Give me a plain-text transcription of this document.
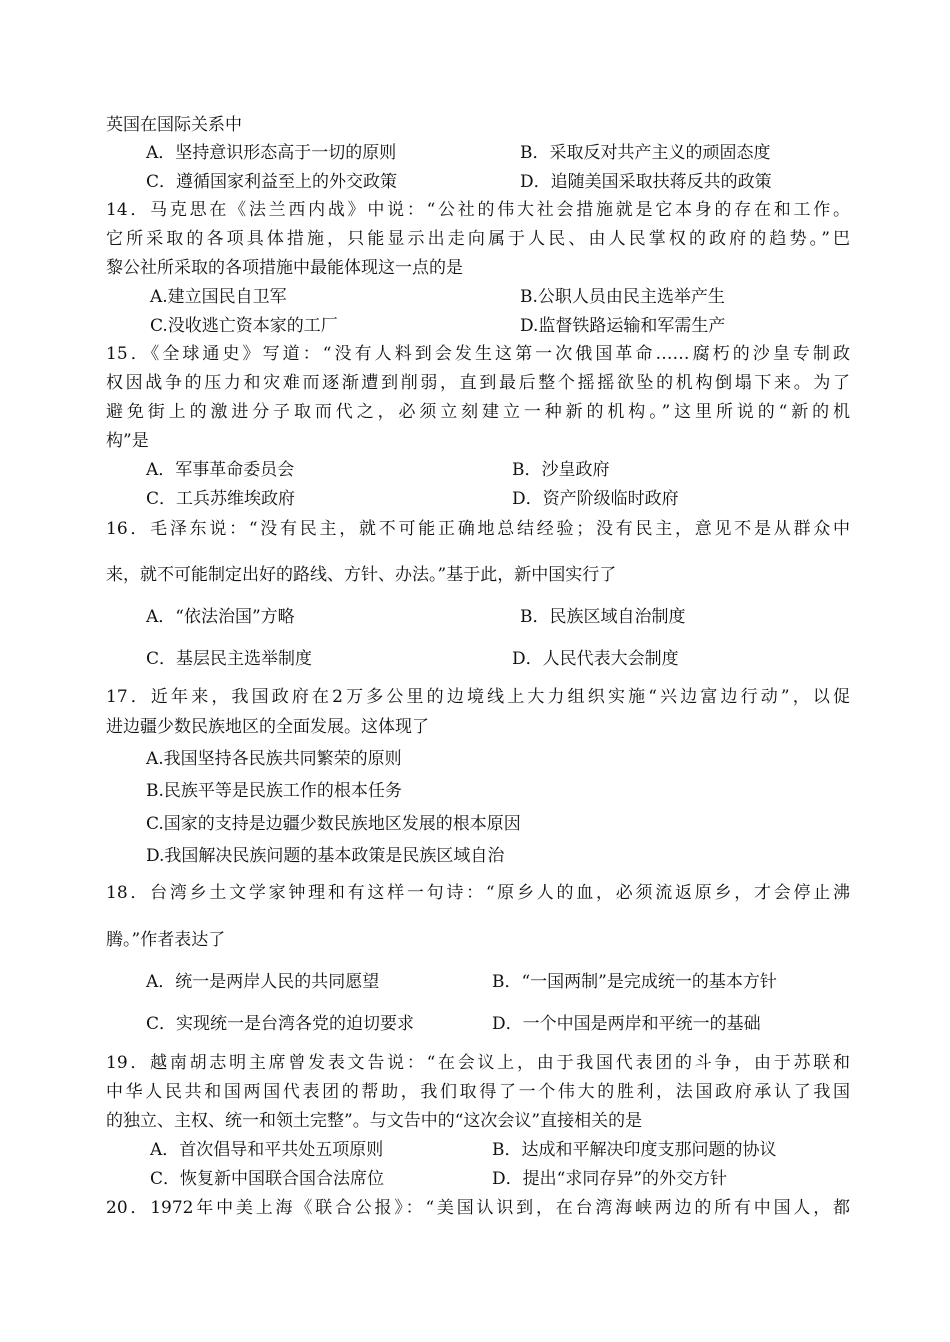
英国在国际关系中
A．坚持意识形态高于一切的原则	B．采取反对共产主义的顽固态度
C．遵循国家利益至上的外交政策	D．追随美国采取扶蒋反共的政策
14．马克思在《法兰西内战》中说：“公社的伟大社会措施就是它本身的存在和工作。
它所采取的各项具体措施，只能显示出走向属于人民、由人民掌权的政府的趋势。”巴
黎公社所采取的各项措施中最能体现这一点的是
A.建立国民自卫军	B.公职人员由民主选举产生
C.没收逃亡资本家的工厂	D.监督铁路运输和军需生产
15．《全球通史》写道：“没有人料到会发生这第一次俄国革命……腐朽的沙皇专制政
权因战争的压力和灾难而逐渐遭到削弱，直到最后整个摇摇欲坠的机构倒塌下来。为了
避免街上的激进分子取而代之，必须立刻建立一种新的机构。”这里所说的“新的机
构”是
A．军事革命委员会	B．沙皇政府
C．工兵苏维埃政府	D．资产阶级临时政府
16．毛泽东说：“没有民主，就不可能正确地总结经验；没有民主，意见不是从群众中
来，就不可能制定出好的路线、方针、办法。”基于此，新中国实行了
A．“依法治国”方略	B．民族区域自治制度
C．基层民主选举制度	D．人民代表大会制度
17．近年来，我国政府在2万多公里的边境线上大力组织实施“兴边富边行动”，以促
进边疆少数民族地区的全面发展。这体现了
A.我国坚持各民族共同繁荣的原则
B.民族平等是民族工作的根本任务
C.国家的支持是边疆少数民族地区发展的根本原因
D.我国解决民族问题的基本政策是民族区域自治
18．台湾乡土文学家钟理和有这样一句诗：“原乡人的血，必须流返原乡，才会停止沸
腾。”作者表达了
A．统一是两岸人民的共同愿望	B．“一国两制”是完成统一的基本方针
C．实现统一是台湾各党的迫切要求	D．一个中国是两岸和平统一的基础
19．越南胡志明主席曾发表文告说：“在会议上，由于我国代表团的斗争，由于苏联和
中华人民共和国两国代表团的帮助，我们取得了一个伟大的胜利，法国政府承认了我国
的独立、主权、统一和领土完整”。与文告中的“这次会议”直接相关的是
A．首次倡导和平共处五项原则	B．达成和平解决印度支那问题的协议
C．恢复新中国联合国合法席位	D．提出“求同存异”的外交方针
20．1972年中美上海《联合公报》：“美国认识到，在台湾海峡两边的所有中国人，都
